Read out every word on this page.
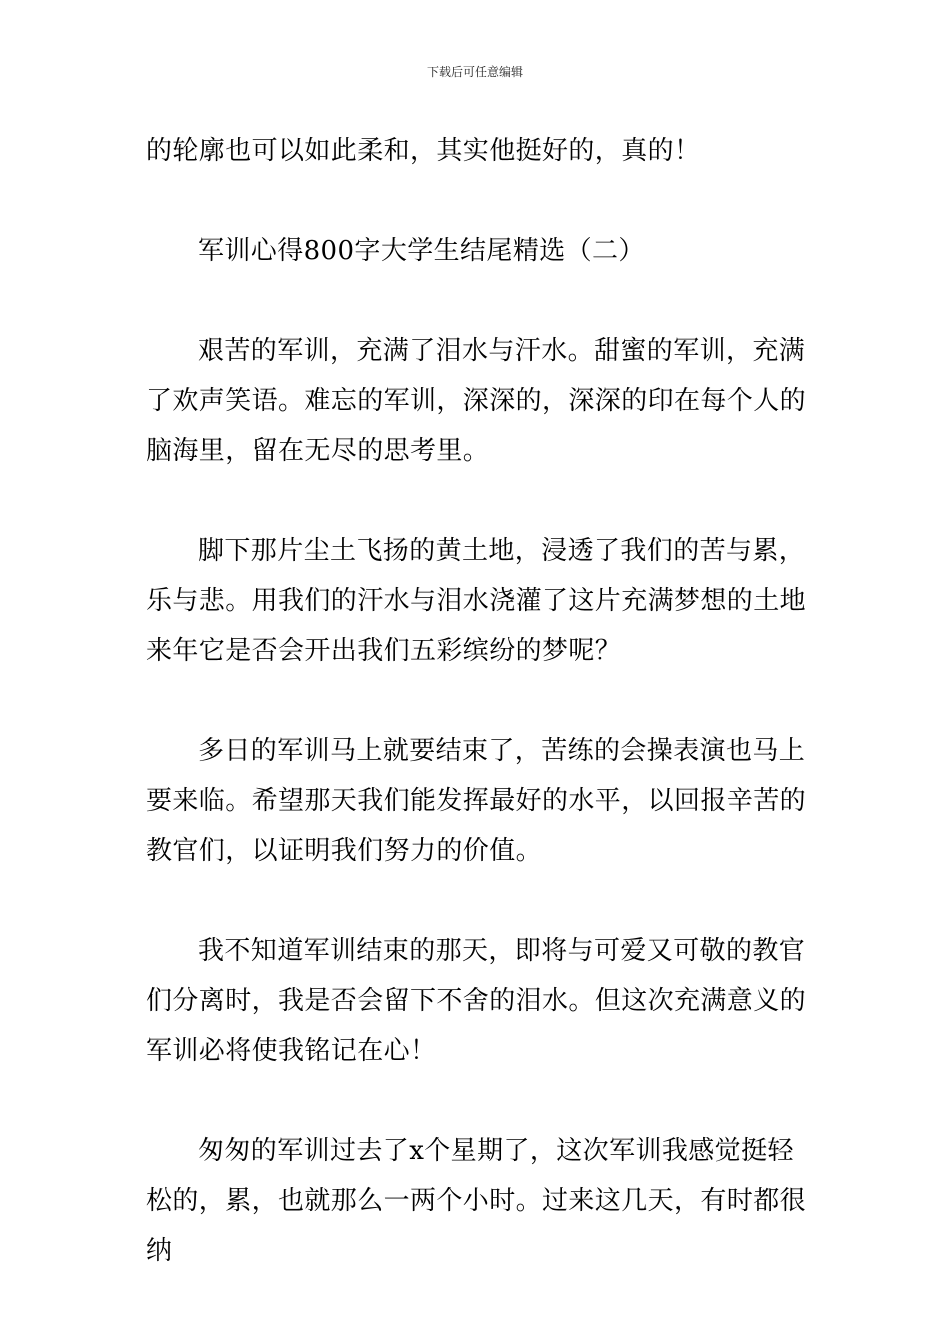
下载后可任意编辑

的轮廓也可以如此柔和，其实他挺好的，真的！

军训心得800字大学生结尾精选（二）

艰苦的军训，充满了泪水与汗水。甜蜜的军训，充满了欢声笑语。难忘的军训，深深的，深深的印在每个人的脑海里，留在无尽的思考里。

脚下那片尘土飞扬的黄土地，浸透了我们的苦与累，乐与悲。用我们的汗水与泪水浇灌了这片充满梦想的土地来年它是否会开出我们五彩缤纷的梦呢？

多日的军训马上就要结束了，苦练的会操表演也马上要来临。希望那天我们能发挥最好的水平，以回报辛苦的教官们，以证明我们努力的价值。

我不知道军训结束的那天，即将与可爱又可敬的教官们分离时，我是否会留下不舍的泪水。但这次充满意义的军训必将使我铭记在心！

匆匆的军训过去了x个星期了，这次军训我感觉挺轻松的，累，也就那么一两个小时。过来这几天，有时都很纳
